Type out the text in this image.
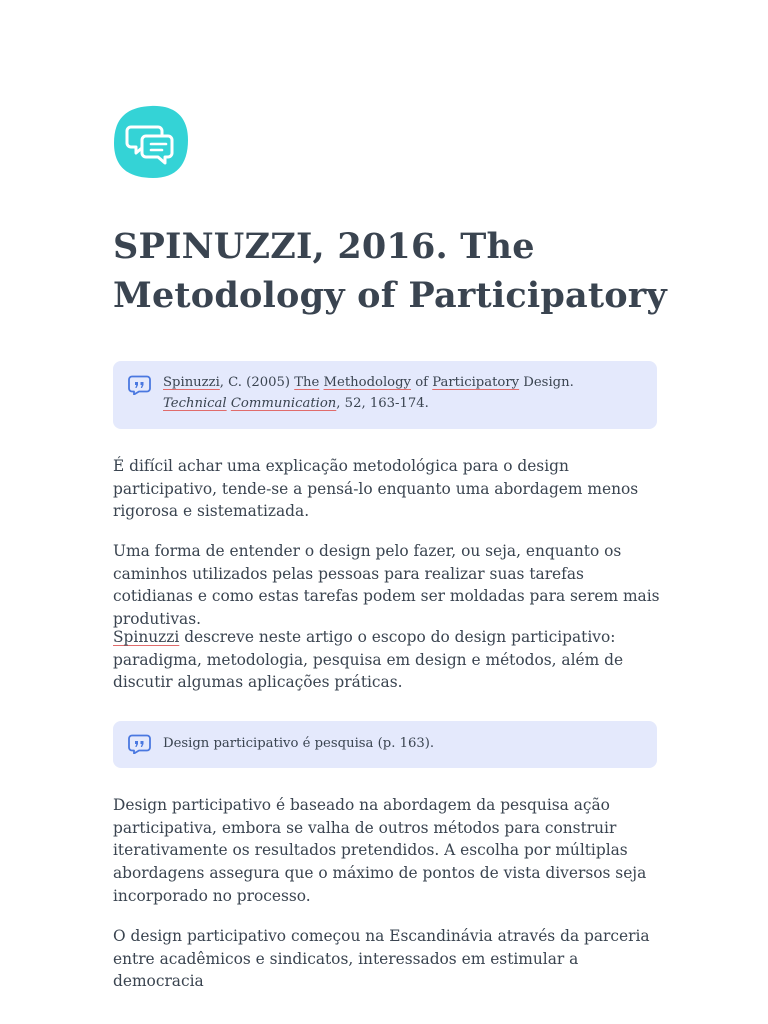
SPINUZZI, 2016. The Metodology of Participatory
Spinuzzi, C. (2005) The Methodology of Participatory Design. Technical Communication, 52, 163-174.

É difícil achar uma explicação metodológica para o design participativo, tende-se a pensá-lo enquanto uma abordagem menos rigorosa e sistematizada.

Uma forma de entender o design pelo fazer, ou seja, enquanto os caminhos utilizados pelas pessoas para realizar suas tarefas cotidianas e como estas tarefas podem ser moldadas para serem mais produtivas.

Spinuzzi descreve neste artigo o escopo do design participativo: paradigma, metodologia, pesquisa em design e métodos, além de discutir algumas aplicações práticas.

Design participativo é pesquisa (p. 163).

Design participativo é baseado na abordagem da pesquisa ação participativa, embora se valha de outros métodos para construir iterativamente os resultados pretendidos. A escolha por múltiplas abordagens assegura que o máximo de pontos de vista diversos seja incorporado no processo.

O design participativo começou na Escandinávia através da parceria entre acadêmicos e sindicatos, interessados em estimular a democracia
